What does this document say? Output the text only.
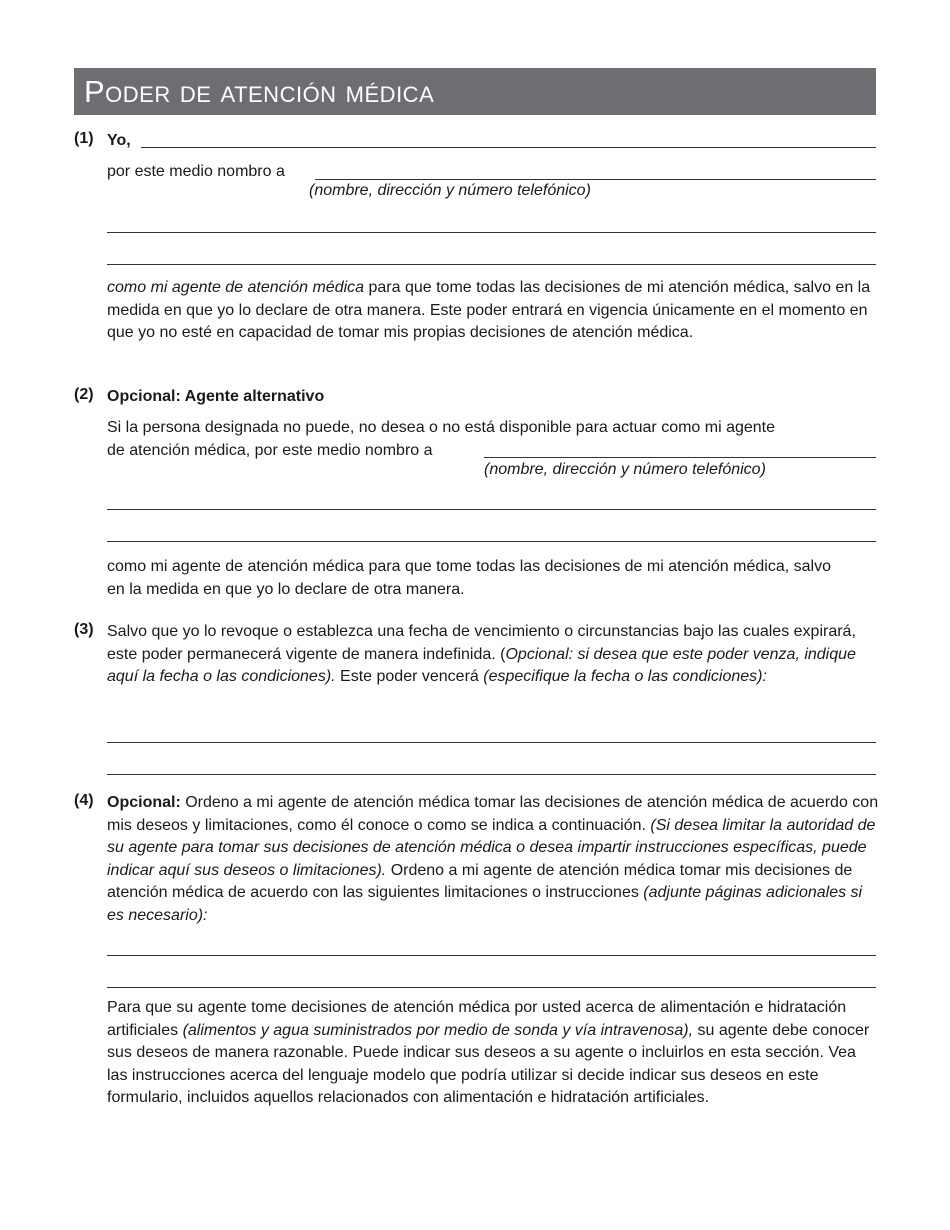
Poder de atención médica
(1) Yo,
por este medio nombro a
(nombre, dirección y número telefónico)
como mi agente de atención médica para que tome todas las decisiones de mi atención médica, salvo en la medida en que yo lo declare de otra manera. Este poder entrará en vigencia únicamente en el momento en que yo no esté en capacidad de tomar mis propias decisiones de atención médica.
(2) Opcional: Agente alternativo
Si la persona designada no puede, no desea o no está disponible para actuar como mi agente
de atención médica, por este medio nombro a
(nombre, dirección y número telefónico)
como mi agente de atención médica para que tome todas las decisiones de mi atención médica, salvo en la medida en que yo lo declare de otra manera.
(3) Salvo que yo lo revoque o establezca una fecha de vencimiento o circunstancias bajo las cuales expirará, este poder permanecerá vigente de manera indefinida. (Opcional: si desea que este poder venza, indique aquí la fecha o las condiciones). Este poder vencerá (especifique la fecha o las condiciones):
(4) Opcional: Ordeno a mi agente de atención médica tomar las decisiones de atención médica de acuerdo con mis deseos y limitaciones, como él conoce o como se indica a continuación. (Si desea limitar la autoridad de su agente para tomar sus decisiones de atención médica o desea impartir instrucciones específicas, puede indicar aquí sus deseos o limitaciones). Ordeno a mi agente de atención médica tomar mis decisiones de atención médica de acuerdo con las siguientes limitaciones o instrucciones (adjunte páginas adicionales si es necesario):
Para que su agente tome decisiones de atención médica por usted acerca de alimentación e hidratación artificiales (alimentos y agua suministrados por medio de sonda y vía intravenosa), su agente debe conocer sus deseos de manera razonable. Puede indicar sus deseos a su agente o incluirlos en esta sección. Vea las instrucciones acerca del lenguaje modelo que podría utilizar si decide indicar sus deseos en este formulario, incluidos aquellos relacionados con alimentación e hidratación artificiales.
